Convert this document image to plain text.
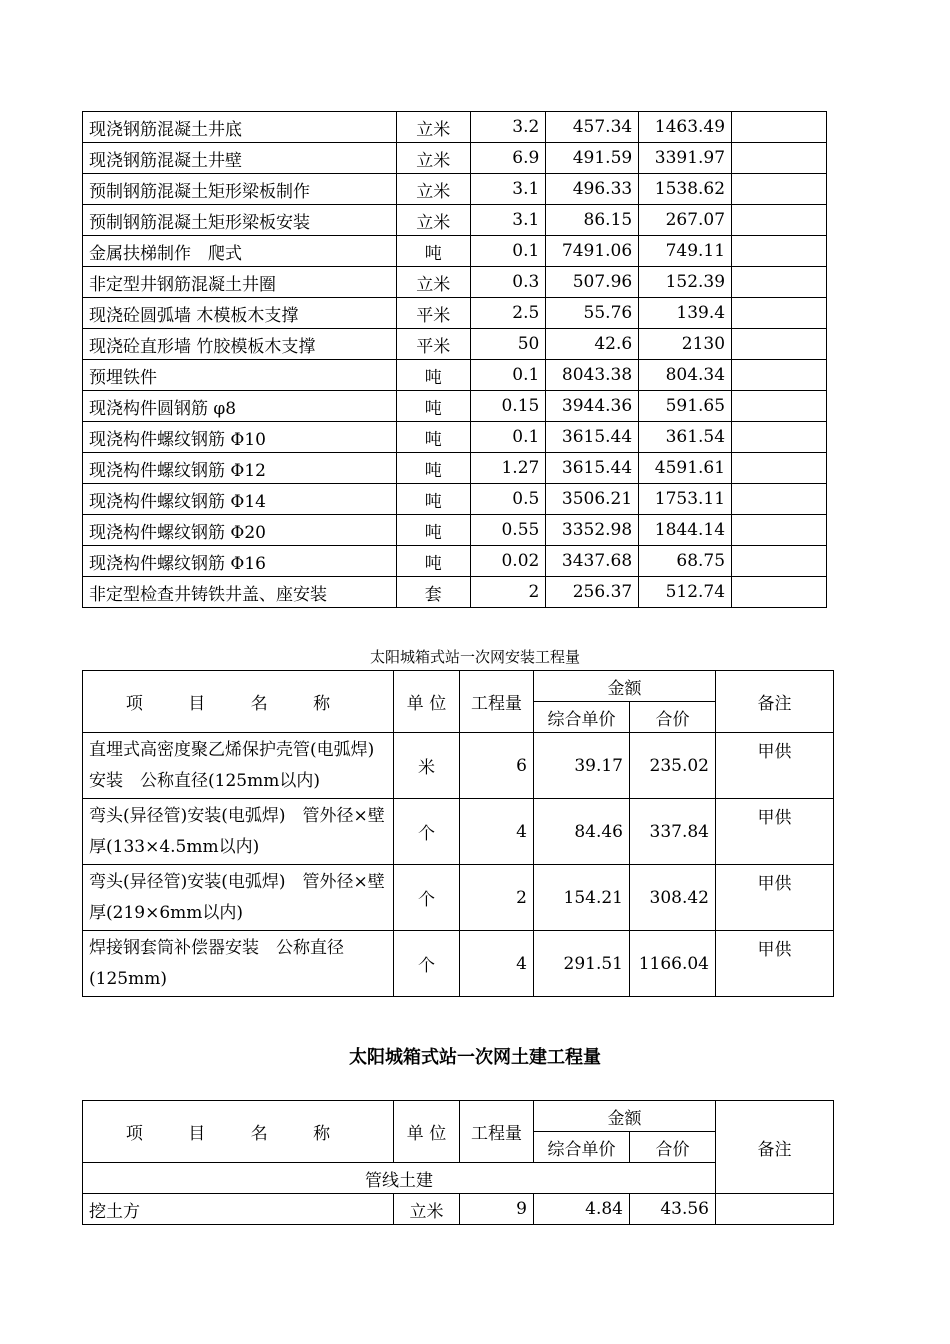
现浇钢筋混凝土井底	立米	3.2	457.34	1463.49	
现浇钢筋混凝土井壁	立米	6.9	491.59	3391.97	
预制钢筋混凝土矩形梁板制作	立米	3.1	496.33	1538.62	
预制钢筋混凝土矩形梁板安装	立米	3.1	86.15	267.07	
金属扶梯制作　爬式	吨	0.1	7491.06	749.11	
非定型井钢筋混凝土井圈	立米	0.3	507.96	152.39	
现浇砼圆弧墙 木模板木支撑	平米	2.5	55.76	139.4	
现浇砼直形墙 竹胶模板木支撑	平米	50	42.6	2130	
预埋铁件	吨	0.1	8043.38	804.34	
现浇构件圆钢筋 φ8	吨	0.15	3944.36	591.65	
现浇构件螺纹钢筋 Φ10	吨	0.1	3615.44	361.54	
现浇构件螺纹钢筋 Φ12	吨	1.27	3615.44	4591.61	
现浇构件螺纹钢筋 Φ14	吨	0.5	3506.21	1753.11	
现浇构件螺纹钢筋 Φ20	吨	0.55	3352.98	1844.14	
现浇构件螺纹钢筋 Φ16	吨	0.02	3437.68	68.75	
非定型检查井铸铁井盖、座安装	套	2	256.37	512.74	
太阳城箱式站一次网安装工程量
项 目 名 称	单 位	工程量	金额		备注
			综合单价	合价	
直埋式高密度聚乙烯保护壳管(电弧焊)安装　公称直径(125mm以内)	米	6	39.17	235.02	甲供
弯头(异径管)安装(电弧焊)　管外径×壁厚(133×4.5mm以内)	个	4	84.46	337.84	甲供
弯头(异径管)安装(电弧焊)　管外径×壁厚(219×6mm以内)	个	2	154.21	308.42	甲供
焊接钢套筒补偿器安装　公称直径(125mm)	个	4	291.51	1166.04	甲供
太阳城箱式站一次网土建工程量
项 目 名 称	单 位	工程量	金额		备注
			综合单价	合价	
管线土建					
挖土方	立米	9	4.84	43.56	
